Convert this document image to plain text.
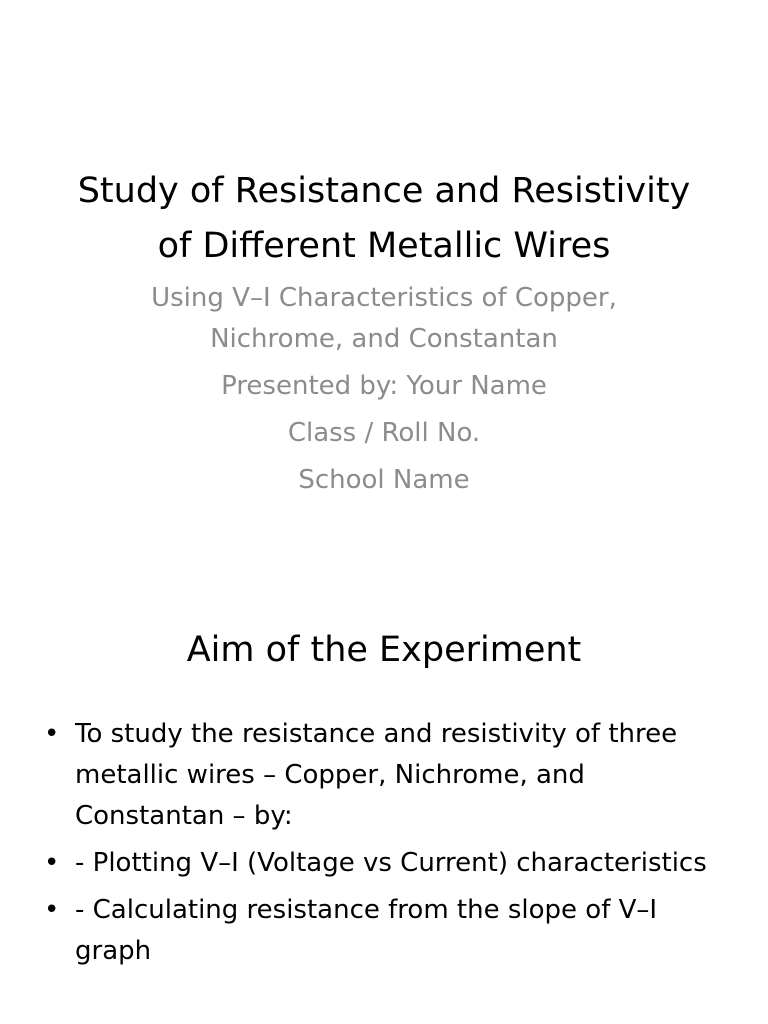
Study of Resistance and Resistivity of Different Metallic Wires
Using V–I Characteristics of Copper,
Nichrome, and Constantan
Presented by: Your Name
Class / Roll No.
School Name
Aim of the Experiment
• To study the resistance and resistivity of three metallic wires – Copper, Nichrome, and Constantan – by:
• - Plotting V–I (Voltage vs Current) characteristics
• - Calculating resistance from the slope of V–I graph
